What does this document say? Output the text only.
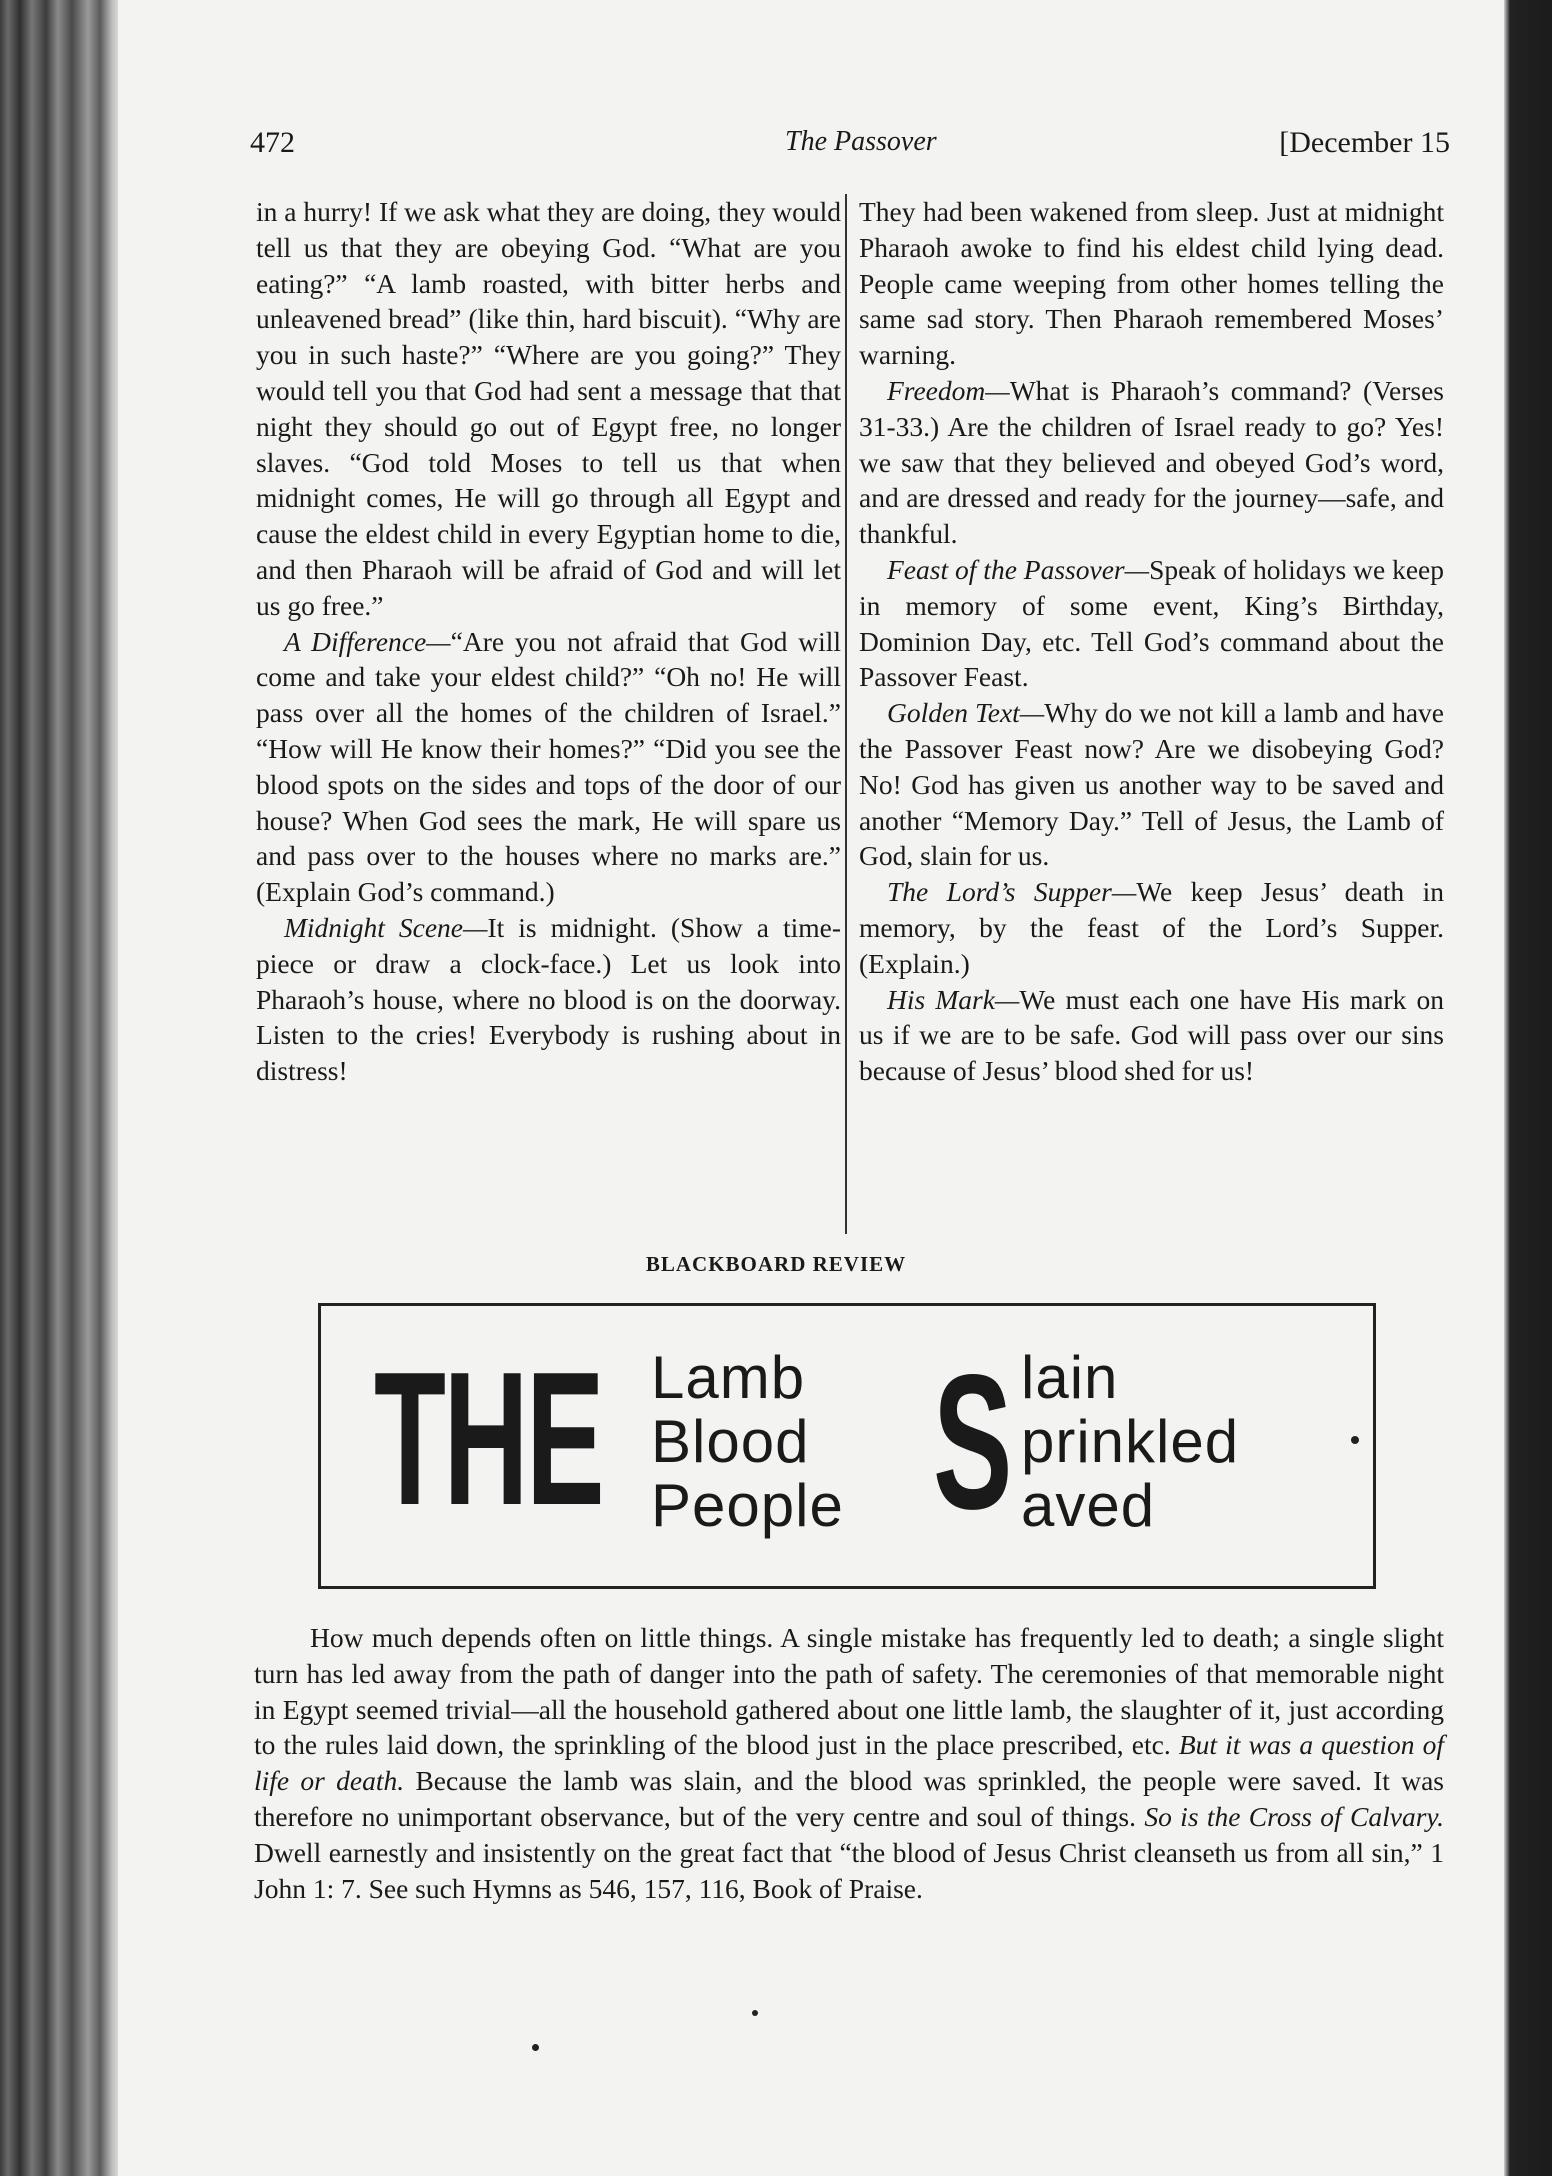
472	The Passover	[December 15

in a hurry! If we ask what they are doing, they would tell us that they are obeying God. “What are you eating?” “A lamb roasted, with bitter herbs and unleavened bread” (like thin, hard biscuit). “Why are you in such haste?” “Where are you going?” They would tell you that God had sent a message that that night they should go out of Egypt free, no longer slaves. “God told Moses to tell us that when midnight comes, He will go through all Egypt and cause the eldest child in every Egyptian home to die, and then Pharaoh will be afraid of God and will let us go free.”

A Difference—“Are you not afraid that God will come and take your eldest child?” “Oh no! He will pass over all the homes of the children of Israel.” “How will He know their homes?” “Did you see the blood spots on the sides and tops of the door of our house? When God sees the mark, He will spare us and pass over to the houses where no marks are.” (Explain God’s command.)

Midnight Scene—It is midnight. (Show a time-piece or draw a clock-face.) Let us look into Pharaoh’s house, where no blood is on the doorway. Listen to the cries! Everybody is rushing about in distress!

They had been wakened from sleep. Just at midnight Pharaoh awoke to find his eldest child lying dead. People came weeping from other homes telling the same sad story. Then Pharaoh remembered Moses’ warning.

Freedom—What is Pharaoh’s command? (Verses 31-33.) Are the children of Israel ready to go? Yes! we saw that they believed and obeyed God’s word, and are dressed and ready for the journey—safe, and thankful.

Feast of the Passover—Speak of holidays we keep in memory of some event, King’s Birthday, Dominion Day, etc. Tell God’s command about the Passover Feast.

Golden Text—Why do we not kill a lamb and have the Passover Feast now? Are we disobeying God? No! God has given us another way to be saved and another “Memory Day.” Tell of Jesus, the Lamb of God, slain for us.

The Lord’s Supper—We keep Jesus’ death in memory, by the feast of the Lord’s Supper. (Explain.)

His Mark—We must each one have His mark on us if we are to be safe. God will pass over our sins because of Jesus’ blood shed for us!

BLACKBOARD REVIEW
THE Lamb
Blood
People S lain
prinkled
aved

How much depends often on little things. A single mistake has frequently led to death; a single slight turn has led away from the path of danger into the path of safety. The ceremonies of that memorable night in Egypt seemed trivial—all the household gathered about one little lamb, the slaughter of it, just according to the rules laid down, the sprinkling of the blood just in the place prescribed, etc. But it was a question of life or death. Because the lamb was slain, and the blood was sprinkled, the people were saved. It was therefore no unimportant observance, but of the very centre and soul of things. So is the Cross of Calvary. Dwell earnestly and insistently on the great fact that “the blood of Jesus Christ cleanseth us from all sin,” 1 John 1: 7. See such Hymns as 546, 157, 116, Book of Praise.
